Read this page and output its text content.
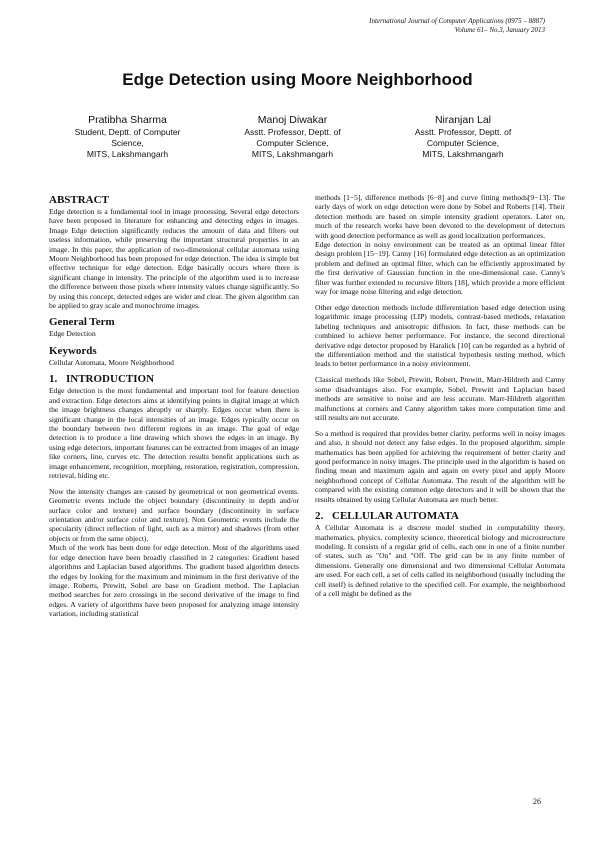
International Journal of Computer Applications (0975 – 8887)
Volume 61– No.3, January 2013
Edge Detection using Moore Neighborhood
Pratibha Sharma
Student, Deptt. of Computer
Science,
MITS, Lakshmangarh
Manoj Diwakar
Asstt. Professor, Deptt. of
Computer Science,
MITS, Lakshmangarh
Niranjan Lal
Asstt. Professor, Deptt. of
Computer Science,
MITS, Lakshmangarh
ABSTRACT

Edge detection is a fundamental tool in image processing. Several edge detectors have been proposed in literature for enhancing and detecting edges in images. Image Edge detection significantly reduces the amount of data and filters out useless information, while preserving the important structural properties in an image. In this paper, the application of two-dimensional cellular automata using Moore Neighborhood has been proposed for edge detection. The idea is simple but effective technique for edge detection. Edge basically occurs where there is significant change in intensity. The principle of the algorithm used is to increase the difference between those pixels where intensity values change significantly. So by using this concept, detected edges are wider and clear. The given algorithm can be applied to gray scale and monochrome images.

General Term

Edge Detection

Keywords

Cellular Automata, Moore Neighborhood

1. INTRODUCTION

Edge detection is the most fundamental and important tool for feature detection and extraction. Edge detectors aims at identifying points in digital image at which the image brightness changes abruptly or sharply. Edges occur when there is significant change in the local intensities of an image. Edges typically occur on the boundary between two different regions in an image. The goal of edge detection is to produce a line drawing which shows the edges in an image. By using edge detectors, important features can be extracted from images of an image like corners, line, curves etc. The detection results benefit applications such as image enhancement, recognition, morphing, restoration, registration, compression, retrieval, hiding etc.

Now the intensity changes are caused by geometrical or non geometrical events. Geometric events include the object boundary (discontinuity in depth and/or surface color and texture) and surface boundary (discontinuity in surface orientation and/or surface color and texture). Non Geometric events include the specularity (direct reflection of light, such as a mirror) and shadows (from other objects or from the same object).

Much of the work has been done for edge detection. Most of the algorithms used for edge detection have been broadly classified in 2 categories: Gradient based algorithms and Laplacian based algorithms. The gradient based algorithm detects the edges by looking for the maximum and minimum in the first derivative of the image. Roberts, Prewitt, Sobel are base on Gradient method. The Laplacian method searches for zero crossings in the second derivative of the image to find edges. A variety of algorithms have been proposed for analyzing image intensity variation, including statistical

methods [1−5], difference methods [6−8] and curve fitting methods[9−13]. The early days of work on edge detection were done by Sobel and Roberts [14]. Their detection methods are based on simple intensity gradient operators. Later on, much of the research works have been devoted to the development of detectors with good detection performance as well as good localization performances.

Edge detection in noisy environment can be treated as an optimal linear filter design problem [15−19]. Canny [16] formulated edge detection as an optimization problem and defined an optimal filter, which can be efficiently approximated by the first derivative of Gaussian function in the one-dimensional case. Canny's filter was further extended to recursive filters [18], which provide a more efficient way for image noise filtering and edge detection.

Other edge detection methods include differentiation based edge detection using logarithmic image processing (LIP) models, contrast-based methods, relaxation labeling techniques and anisotropic diffusion. In fact, these methods can be combined to achieve better performance. For instance, the second directional derivative edge detector proposed by Haralick [10] can be regarded as a hybrid of the differentiation method and the statistical hypothesis testing method, which leads to better performance in a noisy environment.

Classical methods like Sobel, Prewitt, Robert, Prewitt, Marr-Hildreth and Canny some disadvantages also. For example, Sobel, Prewitt and Laplacian based methods are sensitive to noise and are less accurate. Marr-Hildreth algorithm malfunctions at corners and Canny algorithm takes more computation time and still results are not accurate.

So a method is required that provides better clarity, performs well in noisy images and also, it should not detect any false edges. In the proposed algorithm, simple mathematics has been applied for achieving the requirement of better clarity and good performance in noisy images. The principle used in the algorithm is based on finding mean and maximum again and again on every pixel and apply Moore neighborhood concept of Cellular Automata. The result of the algorithm will be compared with the existing common edge detectors and it will be shown that the results obtained by using Cellular Automata are much better.

2. CELLULAR AUTOMATA

A Cellular Automata is a discrete model studied in computability theory, mathematics, physics, complexity science, theoretical biology and microstructure modeling. It consists of a regular grid of cells, each one in one of a finite number of states, such as "On" and "Off. The grid can be in any finite number of dimensions. Generally one dimensional and two dimensional Cellular Automata are used. For each cell, a set of cells called its neighborhood (usually including the cell itself) is defined relative to the specified cell. For example, the neighborhood of a cell might be defined as the

26
